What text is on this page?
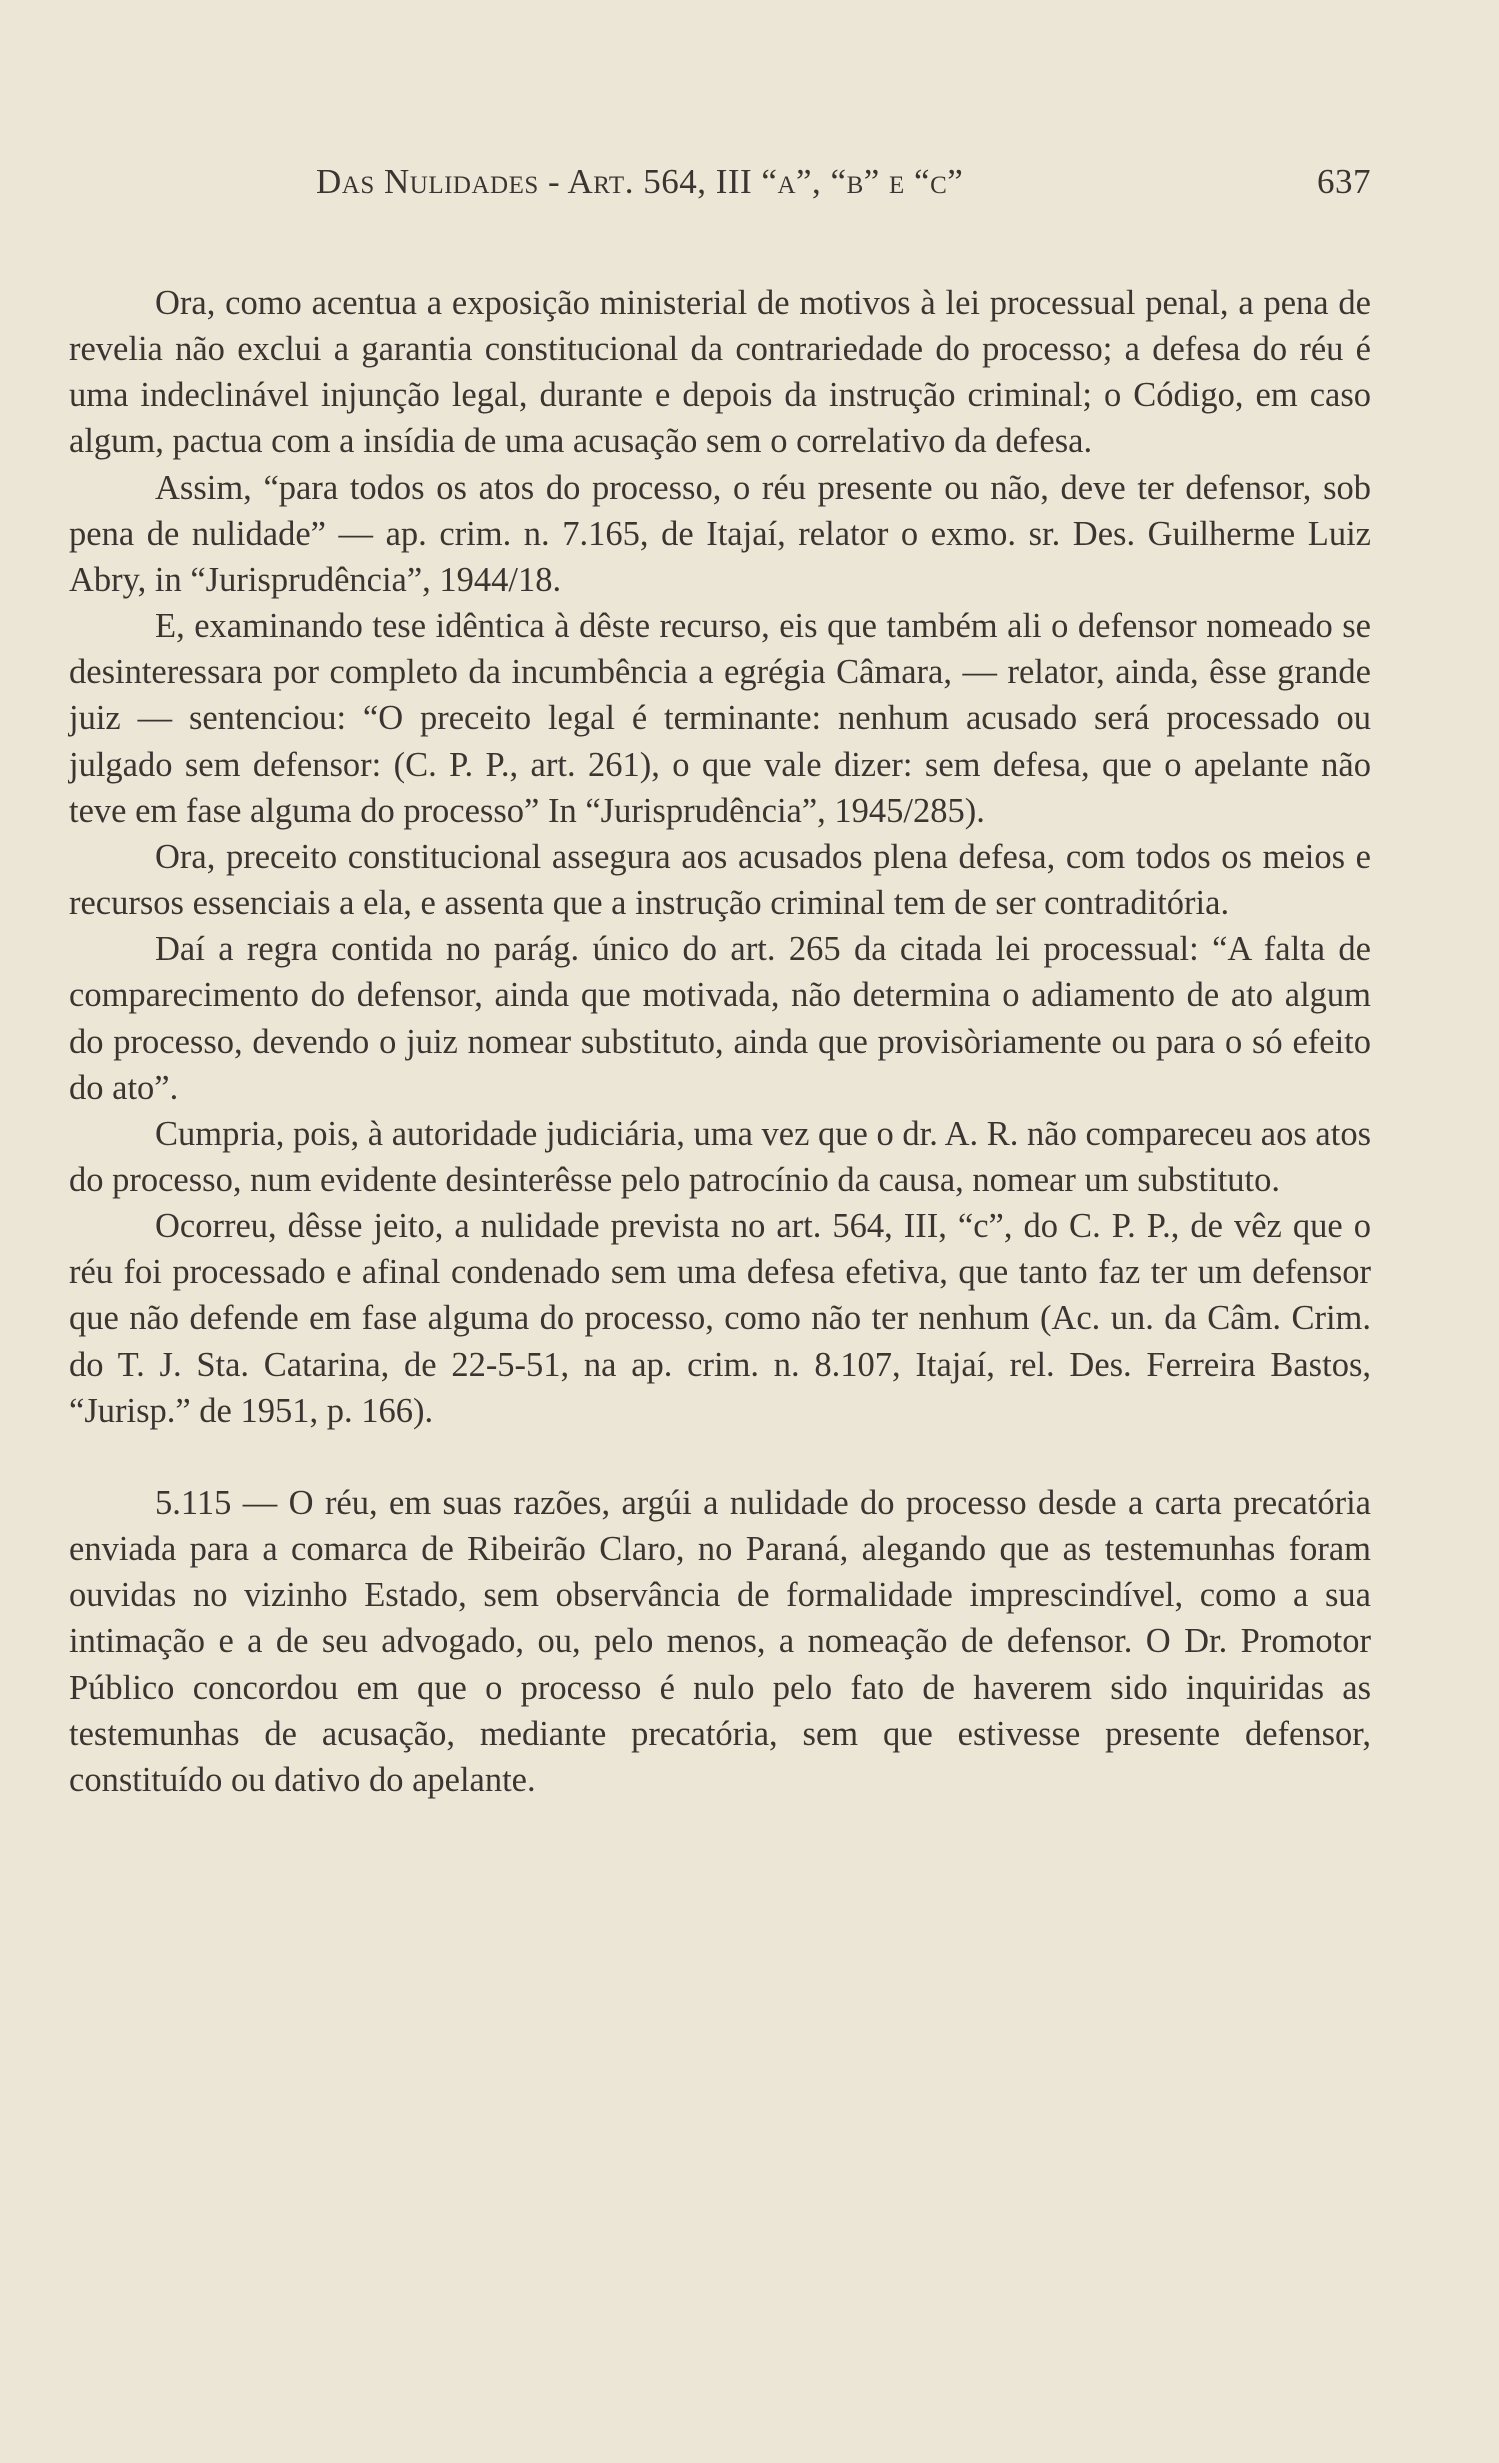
Das Nulidades - Art. 564, III “a”, “b” e “c”	637

Ora, como acentua a exposição ministerial de motivos à lei processual penal, a pena de revelia não exclui a garantia constitucional da contrariedade do processo; a defesa do réu é uma indeclinável injunção legal, durante e depois da instrução criminal; o Código, em caso algum, pactua com a insídia de uma acusação sem o correlativo da defesa.

Assim, “para todos os atos do processo, o réu presente ou não, deve ter defensor, sob pena de nulidade” — ap. crim. n. 7.165, de Itajaí, relator o exmo. sr. Des. Guilherme Luiz Abry, in “Jurisprudência”, 1944/18.

E, examinando tese idêntica à dêste recurso, eis que também ali o defensor nomeado se desinteressara por completo da incumbência a egrégia Câmara, — relator, ainda, êsse grande juiz — sentenciou: “O preceito legal é terminante: nenhum acusado será processado ou julgado sem defensor: (C. P. P., art. 261), o que vale dizer: sem defesa, que o apelante não teve em fase alguma do processo” In “Jurisprudência”, 1945/285).

Ora, preceito constitucional assegura aos acusados plena defesa, com todos os meios e recursos essenciais a ela, e assenta que a instrução criminal tem de ser contraditória.

Daí a regra contida no parág. único do art. 265 da citada lei processual: “A falta de comparecimento do defensor, ainda que motivada, não determina o adiamento de ato algum do processo, devendo o juiz nomear substituto, ainda que provisòriamente ou para o só efeito do ato”.

Cumpria, pois, à autoridade judiciária, uma vez que o dr. A. R. não compareceu aos atos do processo, num evidente desinterêsse pelo patrocínio da causa, nomear um substituto.

Ocorreu, dêsse jeito, a nulidade prevista no art. 564, III, “c”, do C. P. P., de vêz que o réu foi processado e afinal condenado sem uma defesa efetiva, que tanto faz ter um defensor que não defende em fase alguma do processo, como não ter nenhum (Ac. un. da Câm. Crim. do T. J. Sta. Catarina, de 22-5-51, na ap. crim. n. 8.107, Itajaí, rel. Des. Ferreira Bastos, “Jurisp.” de 1951, p. 166).

5.115 — O réu, em suas razões, argúi a nulidade do processo desde a carta precatória enviada para a comarca de Ribeirão Claro, no Paraná, alegando que as testemunhas foram ouvidas no vizinho Estado, sem observância de formalidade imprescindível, como a sua intimação e a de seu advogado, ou, pelo menos, a nomeação de defensor. O Dr. Promotor Público concordou em que o processo é nulo pelo fato de haverem sido inquiridas as testemunhas de acusação, mediante precatória, sem que estivesse presente defensor, constituído ou dativo do apelante.
